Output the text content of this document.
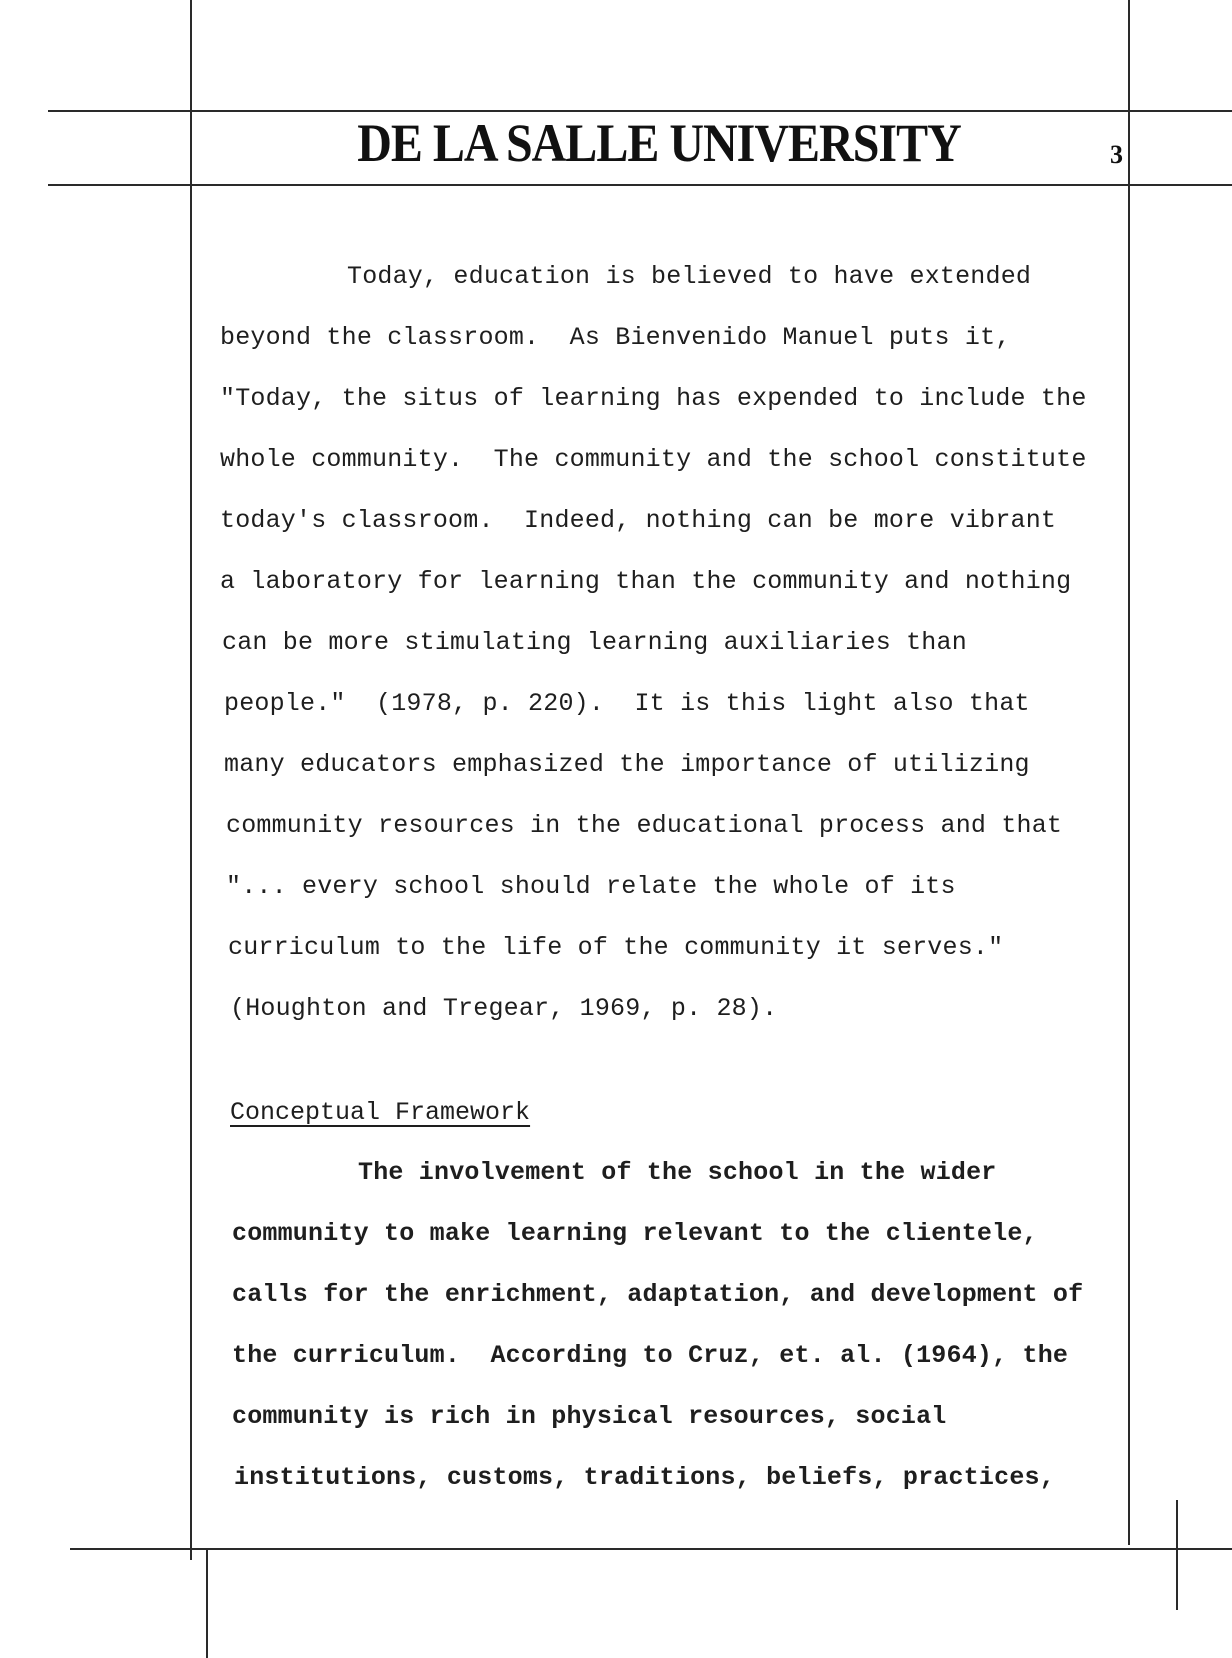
DE LA SALLE UNIVERSITY	3
Today, education is believed to have extended
beyond the classroom.  As Bienvenido Manuel puts it,
"Today, the situs of learning has expended to include the
whole community.  The community and the school constitute
today's classroom.  Indeed, nothing can be more vibrant
a laboratory for learning than the community and nothing
can be more stimulating learning auxiliaries than
people."  (1978, p. 220).  It is this light also that
many educators emphasized the importance of utilizing
community resources in the educational process and that
"... every school should relate the whole of its
curriculum to the life of the community it serves."
(Houghton and Tregear, 1969, p. 28).
Conceptual Framework
The involvement of the school in the wider
community to make learning relevant to the clientele,
calls for the enrichment, adaptation, and development of
the curriculum.  According to Cruz, et. al. (1964), the
community is rich in physical resources, social
institutions, customs, traditions, beliefs, practices,
